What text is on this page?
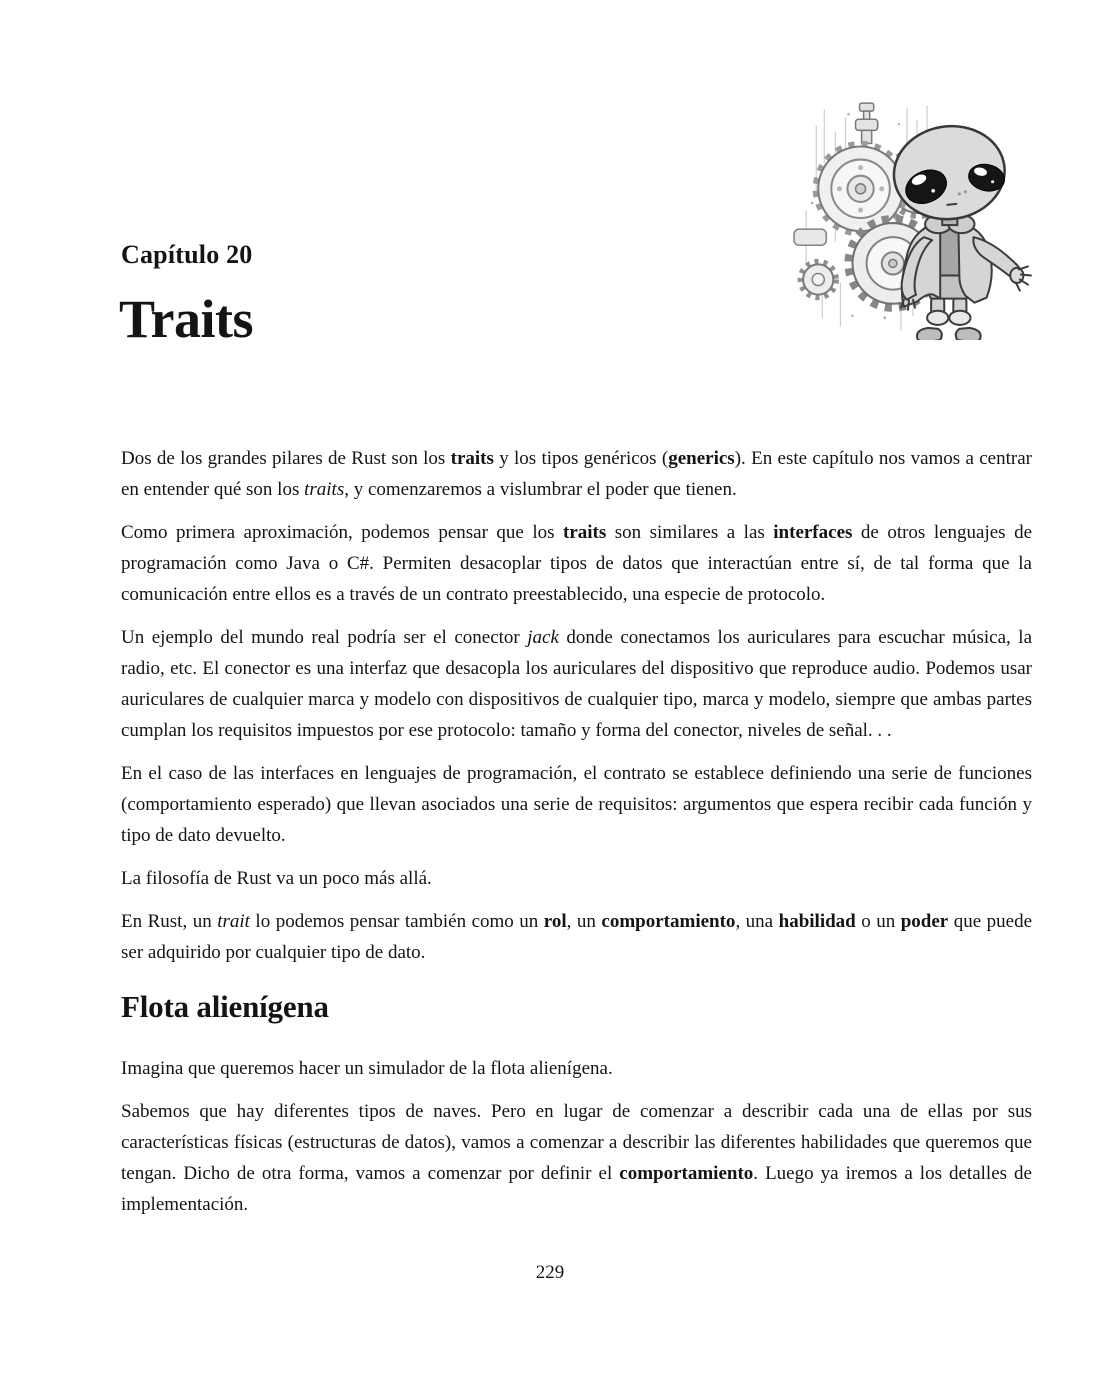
Capítulo 20
Traits

Dos de los grandes pilares de Rust son los traits y los tipos genéricos (generics). En este capítulo nos vamos a centrar en entender qué son los traits, y comenzaremos a vislumbrar el poder que tienen.

Como primera aproximación, podemos pensar que los traits son similares a las interfaces de otros lenguajes de programación como Java o C#. Permiten desacoplar tipos de datos que interactúan entre sí, de tal forma que la comunicación entre ellos es a través de un contrato preestablecido, una especie de protocolo.

Un ejemplo del mundo real podría ser el conector jack donde conectamos los auriculares para escuchar música, la radio, etc. El conector es una interfaz que desacopla los auriculares del dispositivo que reproduce audio. Podemos usar auriculares de cualquier marca y modelo con dispositivos de cualquier tipo, marca y modelo, siempre que ambas partes cumplan los requisitos impuestos por ese protocolo: tamaño y forma del conector, niveles de señal. . .

En el caso de las interfaces en lenguajes de programación, el contrato se establece definiendo una serie de funciones (comportamiento esperado) que llevan asociados una serie de requisitos: argumentos que espera recibir cada función y tipo de dato devuelto.

La filosofía de Rust va un poco más allá.

En Rust, un trait lo podemos pensar también como un rol, un comportamiento, una habilidad o un poder que puede ser adquirido por cualquier tipo de dato.

Flota alienígena

Imagina que queremos hacer un simulador de la flota alienígena.

Sabemos que hay diferentes tipos de naves. Pero en lugar de comenzar a describir cada una de ellas por sus características físicas (estructuras de datos), vamos a comenzar a describir las diferentes habilidades que queremos que tengan. Dicho de otra forma, vamos a comenzar por definir el comportamiento. Luego ya iremos a los detalles de implementación.

229
